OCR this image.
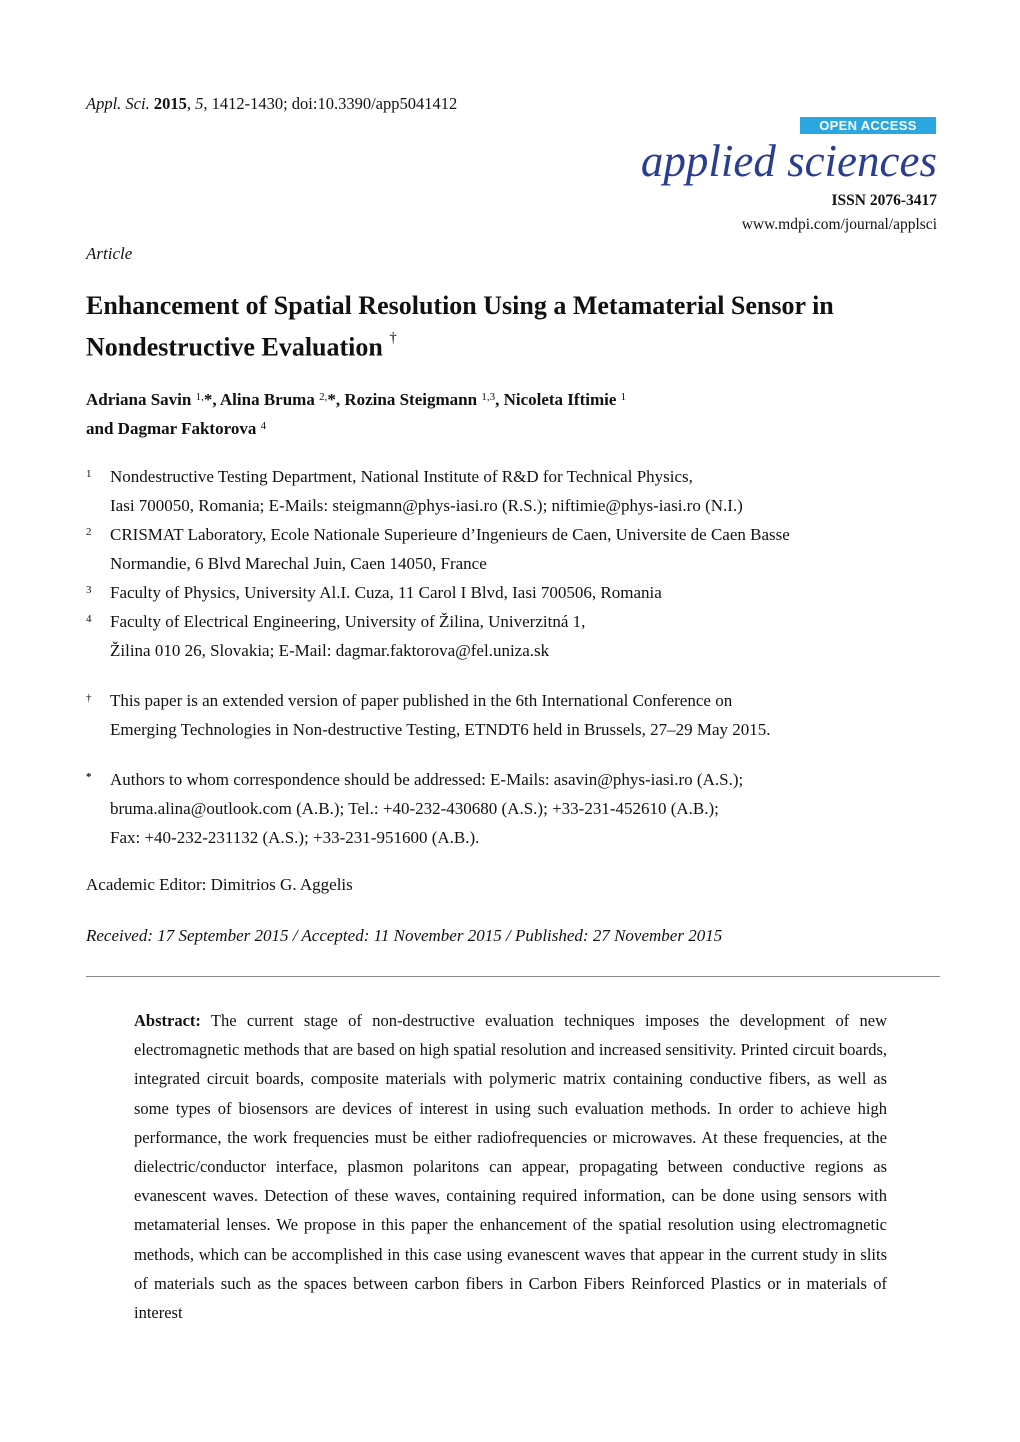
Appl. Sci. 2015, 5, 1412-1430; doi:10.3390/app5041412
OPEN ACCESS
applied sciences
ISSN 2076-3417
www.mdpi.com/journal/applsci
Article
Enhancement of Spatial Resolution Using a Metamaterial Sensor in Nondestructive Evaluation †
Adriana Savin $^{1,}$*, Alina Bruma $^{2,}$*, Rozina Steigmann $^{1,3}$, Nicoleta Iftimie $^1$
and Dagmar Faktorova $^4$
1	Nondestructive Testing Department, National Institute of R&D for Technical Physics,
Iasi 700050, Romania; E-Mails: steigmann@phys-iasi.ro (R.S.); niftimie@phys-iasi.ro (N.I.)
2	CRISMAT Laboratory, Ecole Nationale Superieure d’Ingenieurs de Caen, Universite de Caen Basse
Normandie, 6 Blvd Marechal Juin, Caen 14050, France
3	Faculty of Physics, University Al.I. Cuza, 11 Carol I Blvd, Iasi 700506, Romania
4	Faculty of Electrical Engineering, University of Žilina, Univerzitná 1,
Žilina 010 26, Slovakia; E-Mail: dagmar.faktorova@fel.uniza.sk
†	This paper is an extended version of paper published in the 6th International Conference on
Emerging Technologies in Non-destructive Testing, ETNDT6 held in Brussels, 27–29 May 2015.
*	Authors to whom correspondence should be addressed: E-Mails: asavin@phys-iasi.ro (A.S.);
bruma.alina@outlook.com (A.B.); Tel.: +40-232-430680 (A.S.); +33-231-452610 (A.B.);
Fax: +40-232-231132 (A.S.); +33-231-951600 (A.B.).
Academic Editor: Dimitrios G. Aggelis
Received: 17 September 2015 / Accepted: 11 November 2015 / Published: 27 November 2015
Abstract: The current stage of non-destructive evaluation techniques imposes the development of new electromagnetic methods that are based on high spatial resolution and increased sensitivity. Printed circuit boards, integrated circuit boards, composite materials with polymeric matrix containing conductive fibers, as well as some types of biosensors are devices of interest in using such evaluation methods. In order to achieve high performance, the work frequencies must be either radiofrequencies or microwaves. At these frequencies, at the dielectric/conductor interface, plasmon polaritons can appear, propagating between conductive regions as evanescent waves. Detection of these waves, containing required information, can be done using sensors with metamaterial lenses. We propose in this paper the enhancement of the spatial resolution using electromagnetic methods, which can be accomplished in this case using evanescent waves that appear in the current study in slits of materials such as the spaces between carbon fibers in Carbon Fibers Reinforced Plastics or in materials of interest
